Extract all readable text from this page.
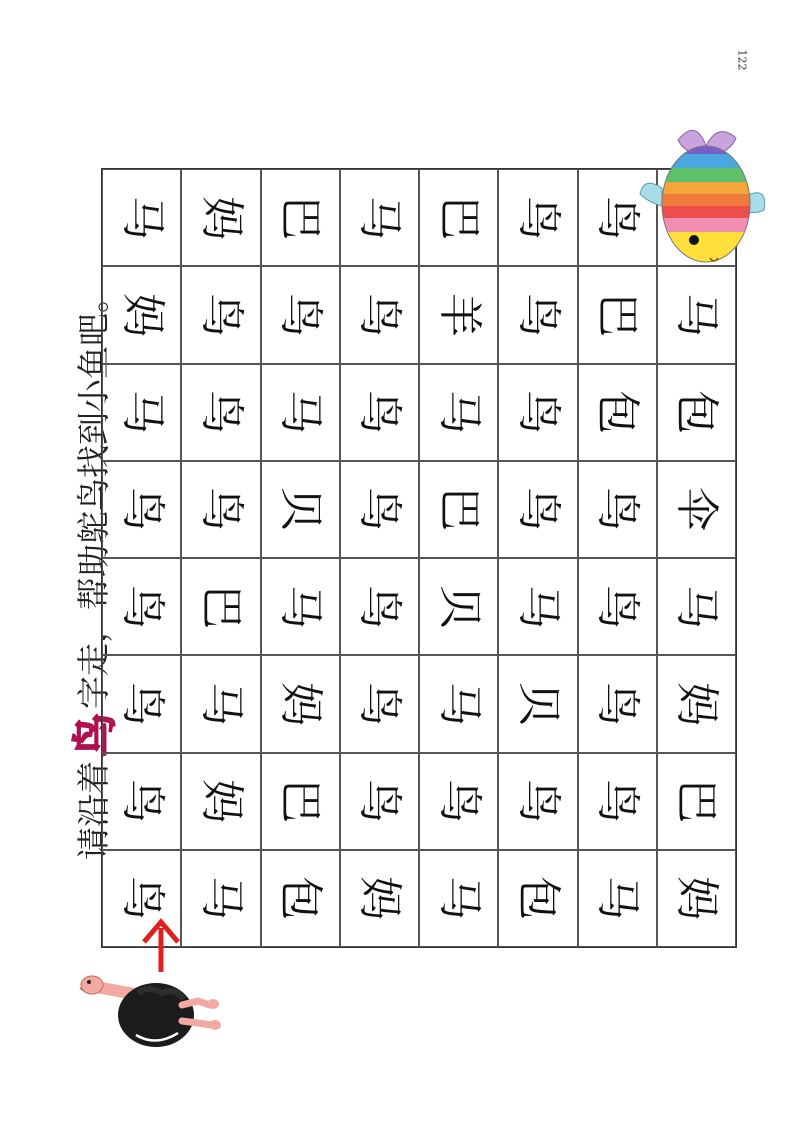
122
请沿着
鸟
字走，帮助鸵鸟找到小鱼吧。
马 妈 巴 马 巴 鸟 鸟
妈 鸟 鸟 鸟 羊 鸟 巴 马
马 鸟 马 鸟 马 鸟 包 包
鸟 鸟 贝 鸟 巴 鸟 鸟 伞
鸟 巴 马 鸟 贝 马 鸟 马
鸟 马 妈 鸟 马 贝 鸟 妈
鸟 妈 巴 鸟 鸟 鸟 鸟 巴
鸟 马 包 妈 马 包 马 妈
